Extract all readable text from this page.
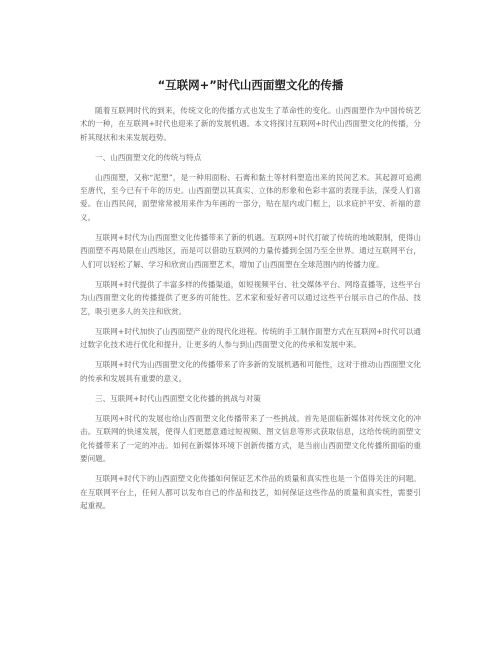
“互联网+”时代山西面塑文化的传播

随着互联网时代的到来，传统文化的传播方式也发生了革命性的变化。山西面塑作为中国传统艺术的一种，在互联网+时代也迎来了新的发展机遇。本文将探讨互联网+时代山西面塑文化的传播，分析其现状和未来发展趋势。

一、山西面塑文化的传统与特点

山西面塑，又称“泥塑”，是一种用面粉、石膏和黏土等材料塑造出来的民间艺术。其起源可追溯至唐代，至今已有千年的历史。山西面塑以其真实、立体的形象和色彩丰富的表现手法，深受人们喜爱。在山西民间，面塑常常被用来作为年画的一部分，贴在屋内或门框上，以求庇护平安、祈福的意义。

互联网+时代为山西面塑文化传播带来了新的机遇。互联网+时代打破了传统的地域限制，使得山西面塑不再局限在山西地区，而是可以借助互联网的力量传播到全国乃至全世界。通过互联网平台，人们可以轻松了解、学习和欣赏山西面塑艺术，增加了山西面塑在全球范围内的传播力度。

互联网+时代提供了丰富多样的传播渠道，如短视频平台、社交媒体平台、网络直播等，这些平台为山西面塑文化的传播提供了更多的可能性。艺术家和爱好者可以通过这些平台展示自己的作品、技艺，吸引更多人的关注和欣赏。

互联网+时代加快了山西面塑产业的现代化进程。传统的手工制作面塑方式在互联网+时代可以通过数字化技术进行优化和提升，让更多的人参与到山西面塑文化的传承和发展中来。

互联网+时代为山西面塑文化的传播带来了许多新的发展机遇和可能性，这对于推动山西面塑文化的传承和发展具有重要的意义。

三、互联网+时代山西面塑文化传播的挑战与对策

互联网+时代的发展也给山西面塑文化传播带来了一些挑战。首先是面临新媒体对传统文化的冲击。互联网的快速发展，使得人们更愿意通过短视频、图文信息等形式获取信息，这给传统的面塑文化传播带来了一定的冲击。如何在新媒体环境下创新传播方式，是当前山西面塑文化传播所面临的重要问题。

互联网+时代下的山西面塑文化传播如何保证艺术作品的质量和真实性也是一个值得关注的问题。在互联网平台上，任何人都可以发布自己的作品和技艺，如何保证这些作品的质量和真实性，需要引起重视。
